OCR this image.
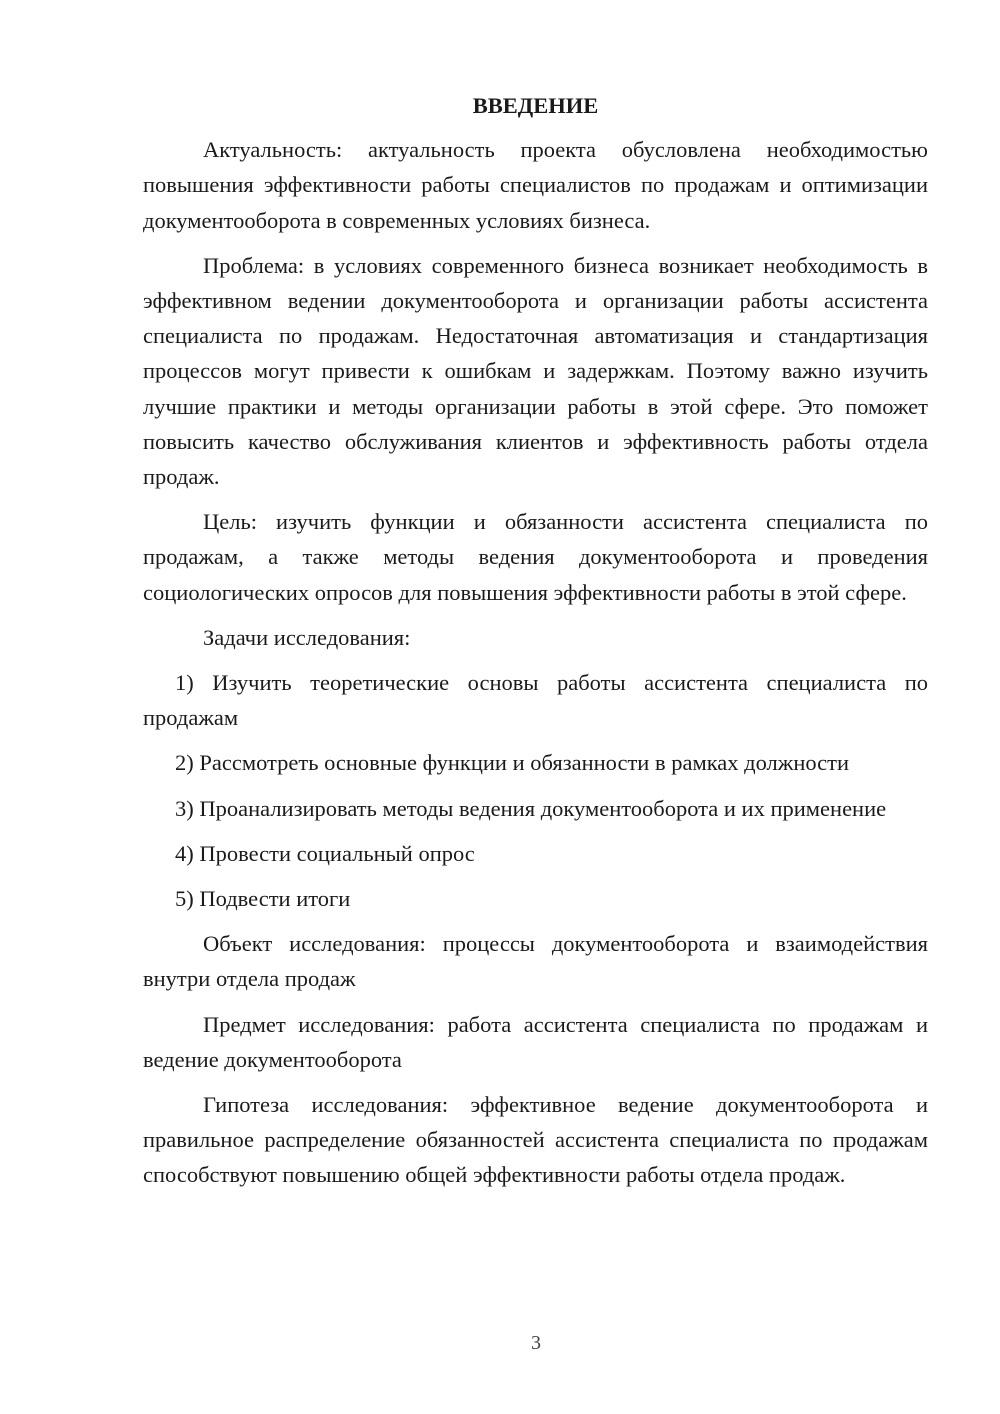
ВВЕДЕНИЕ

Актуальность: актуальность проекта обусловлена необходимостью повышения эффективности работы специалистов по продажам и оптимизации документооборота в современных условиях бизнеса.

Проблема: в условиях современного бизнеса возникает необходимость в эффективном ведении документооборота и организации работы ассистента специалиста по продажам. Недостаточная автоматизация и стандартизация процессов могут привести к ошибкам и задержкам. Поэтому важно изучить лучшие практики и методы организации работы в этой сфере. Это поможет повысить качество обслуживания клиентов и эффективность работы отдела продаж.

Цель: изучить функции и обязанности ассистента специалиста по продажам, а также методы ведения документооборота и проведения социологических опросов для повышения эффективности работы в этой сфере.

Задачи исследования:

1) Изучить теоретические основы работы ассистента специалиста по продажам

2) Рассмотреть основные функции и обязанности в рамках должности

3) Проанализировать методы ведения документооборота и их применение

4) Провести социальный опрос

5) Подвести итоги

Объект исследования: процессы документооборота и взаимодействия внутри отдела продаж

Предмет исследования: работа ассистента специалиста по продажам и ведение документооборота

Гипотеза исследования: эффективное ведение документооборота и правильное распределение обязанностей ассистента специалиста по продажам способствуют повышению общей эффективности работы отдела продаж.

3
